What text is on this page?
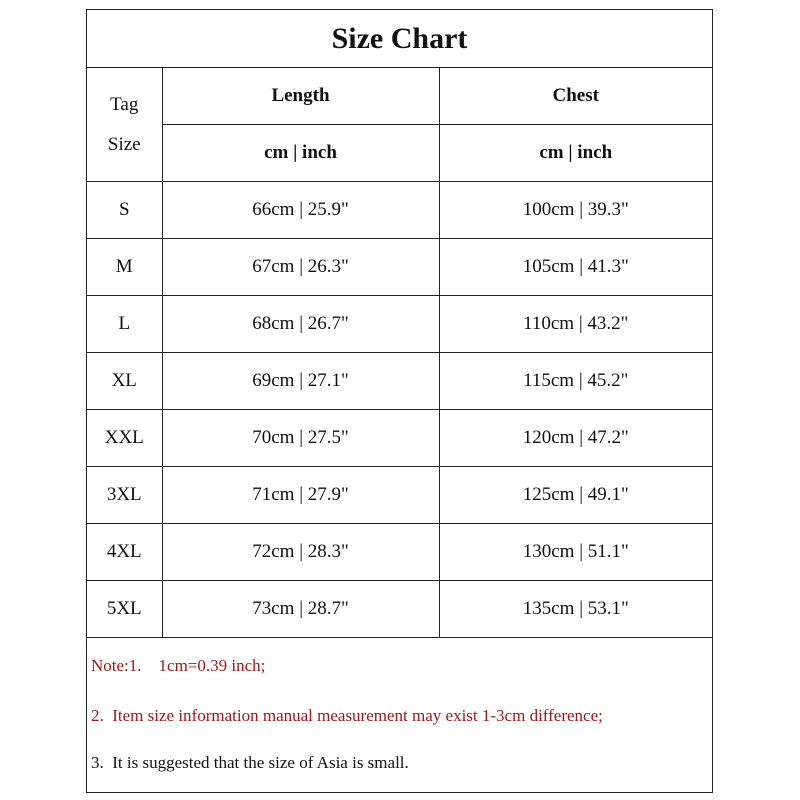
Size Chart
Tag
Size	Length	Chest
	cm | inch	cm | inch
S	66cm | 25.9"	100cm | 39.3"
M	67cm | 26.3"	105cm | 41.3"
L	68cm | 26.7"	110cm | 43.2"
XL	69cm | 27.1"	115cm | 45.2"
XXL	70cm | 27.5"	120cm | 47.2"
3XL	71cm | 27.9"	125cm | 49.1"
4XL	72cm | 28.3"	130cm | 51.1"
5XL	73cm | 28.7"	135cm | 53.1"
Note:1.    1cm=0.39 inch;
2.  Item size information manual measurement may exist 1-3cm difference;
3.  It is suggested that the size of Asia is small.
